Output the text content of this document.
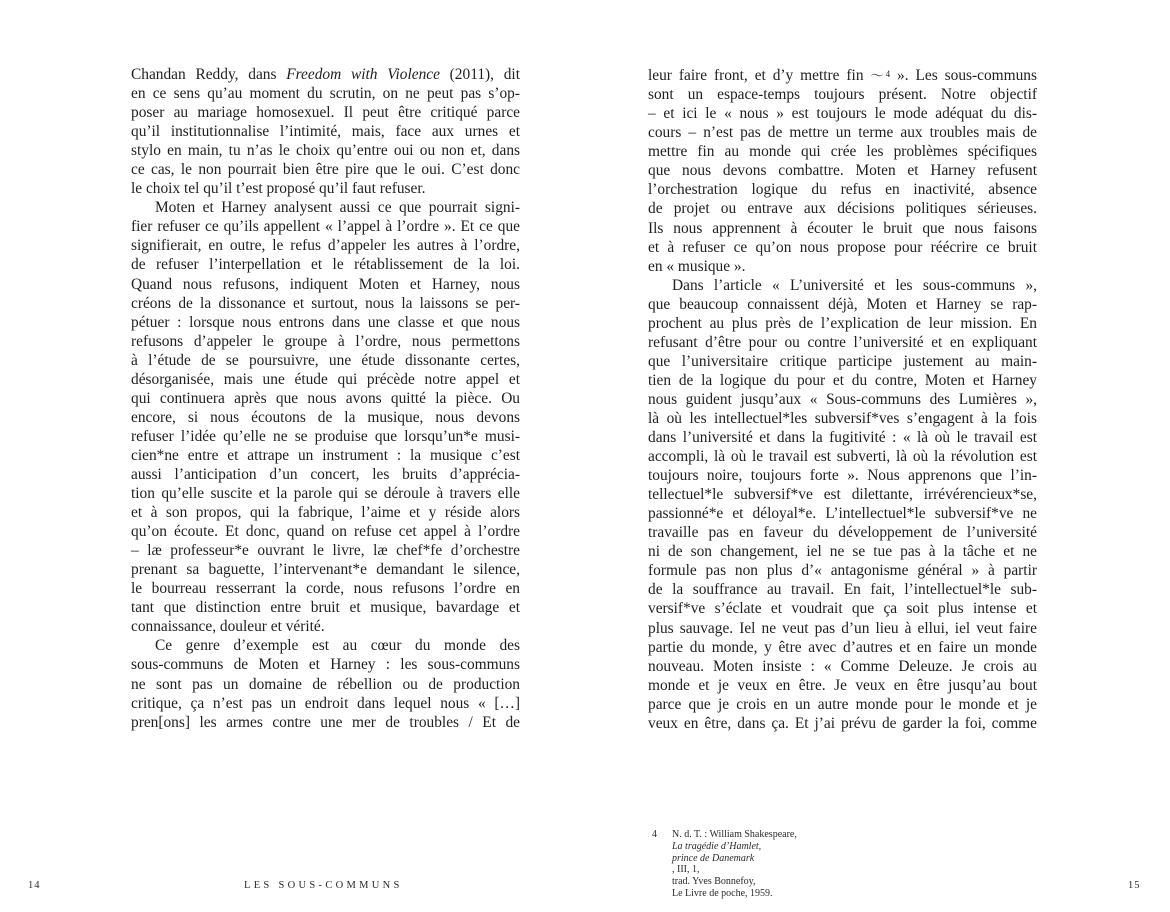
Chandan Reddy, dans Freedom with Violence (2011), dit
en ce sens qu’au moment du scrutin, on ne peut pas s’op-
poser au mariage homosexuel. Il peut être critiqué parce
qu’il institutionnalise l’intimité, mais, face aux urnes et
stylo en main, tu n’as le choix qu’entre oui ou non et, dans
ce cas, le non pourrait bien être pire que le oui. C’est donc
le choix tel qu’il t’est proposé qu’il faut refuser.
Moten et Harney analysent aussi ce que pourrait signi-
fier refuser ce qu’ils appellent « l’appel à l’ordre ». Et ce que
signifierait, en outre, le refus d’appeler les autres à l’ordre,
de refuser l’interpellation et le rétablissement de la loi.
Quand nous refusons, indiquent Moten et Harney, nous
créons de la dissonance et surtout, nous la laissons se per-
pétuer : lorsque nous entrons dans une classe et que nous
refusons d’appeler le groupe à l’ordre, nous permettons
à l’étude de se poursuivre, une étude dissonante certes,
désorganisée, mais une étude qui précède notre appel et
qui continuera après que nous avons quitté la pièce. Ou
encore, si nous écoutons de la musique, nous devons
refuser l’idée qu’elle ne se produise que lorsqu’un*e musi-
cien*ne entre et attrape un instrument : la musique c’est
aussi l’anticipation d’un concert, les bruits d’apprécia-
tion qu’elle suscite et la parole qui se déroule à travers elle
et à son propos, qui la fabrique, l’aime et y réside alors
qu’on écoute. Et donc, quand on refuse cet appel à l’ordre
– læ professeur*e ouvrant le livre, læ chef*fe d’orchestre
prenant sa baguette, l’intervenant*e demandant le silence,
le bourreau resserrant la corde, nous refusons l’ordre en
tant que distinction entre bruit et musique, bavardage et
connaissance, douleur et vérité.
Ce genre d’exemple est au cœur du monde des
sous-communs de Moten et Harney : les sous-communs
ne sont pas un domaine de rébellion ou de production
critique, ça n’est pas un endroit dans lequel nous « […]
pren[ons] les armes contre une mer de troubles / Et de
14	LES SOUS-COMMUNS
leur faire front, et d’y mettre fin 〜$^4$ ». Les sous-communs
sont un espace-temps toujours présent. Notre objectif
– et ici le « nous » est toujours le mode adéquat du dis-
cours – n’est pas de mettre un terme aux troubles mais de
mettre fin au monde qui crée les problèmes spécifiques
que nous devons combattre. Moten et Harney refusent
l’orchestration logique du refus en inactivité, absence
de projet ou entrave aux décisions politiques sérieuses.
Ils nous apprennent à écouter le bruit que nous faisons
et à refuser ce qu’on nous propose pour réécrire ce bruit
en « musique ».
Dans l’article « L’université et les sous-communs »,
que beaucoup connaissent déjà, Moten et Harney se rap-
prochent au plus près de l’explication de leur mission. En
refusant d’être pour ou contre l’université et en expliquant
que l’universitaire critique participe justement au main-
tien de la logique du pour et du contre, Moten et Harney
nous guident jusqu’aux « Sous-communs des Lumières »,
là où les intellectuel*les subversif*ves s’engagent à la fois
dans l’université et dans la fugitivité : « là où le travail est
accompli, là où le travail est subverti, là où la révolution est
toujours noire, toujours forte ». Nous apprenons que l’in-
tellectuel*le subversif*ve est dilettante, irrévérencieux*se,
passionné*e et déloyal*e. L’intellectuel*le subversif*ve ne
travaille pas en faveur du développement de l’université
ni de son changement, iel ne se tue pas à la tâche et ne
formule pas non plus d’« antagonisme général » à partir
de la souffrance au travail. En fait, l’intellectuel*le sub-
versif*ve s’éclate et voudrait que ça soit plus intense et
plus sauvage. Iel ne veut pas d’un lieu à ellui, iel veut faire
partie du monde, y être avec d’autres et en faire un monde
nouveau. Moten insiste : « Comme Deleuze. Je crois au
monde et je veux en être. Je veux en être jusqu’au bout
parce que je crois en un autre monde pour le monde et je
veux en être, dans ça. Et j’ai prévu de garder la foi, comme
4 N. d. T. : William Shakespeare,
La tragédie d’Hamlet,
prince de Danemark
, III, 1,
trad. Yves Bonnefoy,
Le Livre de poche, 1959.
15
